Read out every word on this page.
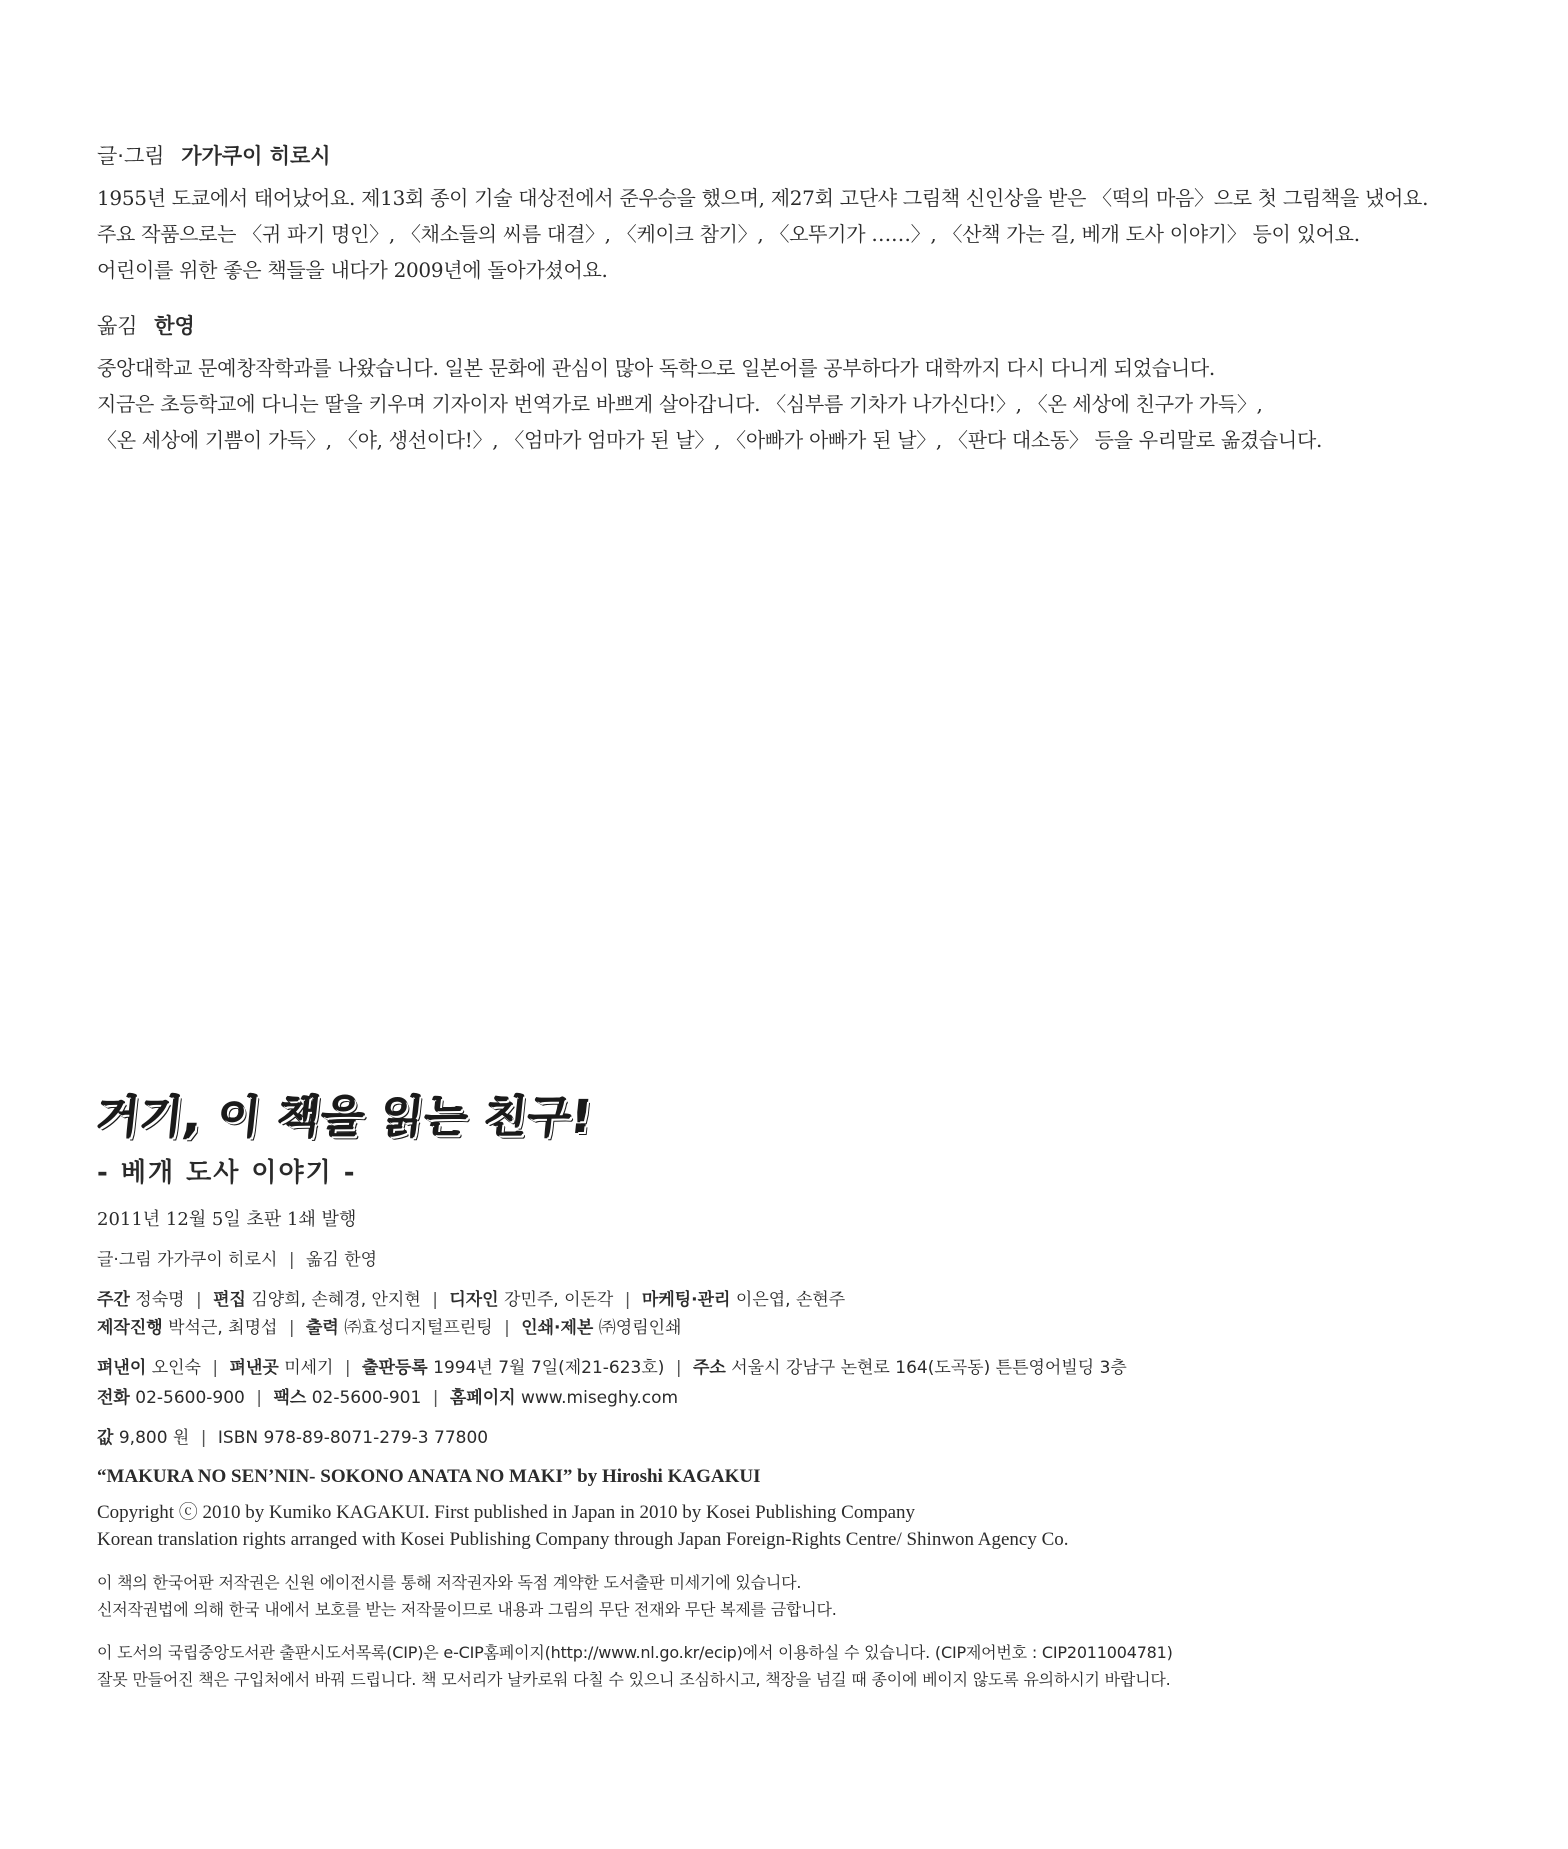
글·그림 가가쿠이 히로시
1955년 도쿄에서 태어났어요. 제13회 종이 기술 대상전에서 준우승을 했으며, 제27회 고단샤 그림책 신인상을 받은 〈떡의 마음〉으로 첫 그림책을 냈어요.
주요 작품으로는 〈귀 파기 명인〉, 〈채소들의 씨름 대결〉, 〈케이크 참기〉, 〈오뚜기가 ……〉, 〈산책 가는 길, 베개 도사 이야기〉 등이 있어요.
어린이를 위한 좋은 책들을 내다가 2009년에 돌아가셨어요.
옮김 한영
중앙대학교 문예창작학과를 나왔습니다. 일본 문화에 관심이 많아 독학으로 일본어를 공부하다가 대학까지 다시 다니게 되었습니다.
지금은 초등학교에 다니는 딸을 키우며 기자이자 번역가로 바쁘게 살아갑니다. 〈심부름 기차가 나가신다!〉, 〈온 세상에 친구가 가득〉,
〈온 세상에 기쁨이 가득〉, 〈야, 생선이다!〉, 〈엄마가 엄마가 된 날〉, 〈아빠가 아빠가 된 날〉, 〈판다 대소동〉 등을 우리말로 옮겼습니다.
거기, 이 책을 읽는 친구!
- 베개 도사 이야기 -

2011년 12월 5일 초판 1쇄 발행

글·그림 가가쿠이 히로시 | 옮김 한영

주간 정숙명 | 편집 김양희, 손혜경, 안지현 | 디자인 강민주, 이돈각 | 마케팅·관리 이은엽, 손현주

제작진행 박석근, 최명섭 | 출력 ㈜효성디지털프린팅 | 인쇄·제본 ㈜영림인쇄

펴낸이 오인숙 | 펴낸곳 미세기 | 출판등록 1994년 7월 7일(제21-623호) | 주소 서울시 강남구 논현로 164(도곡동) 튼튼영어빌딩 3층

전화 02-5600-900 | 팩스 02-5600-901 | 홈페이지 www.miseghy.com

값 9,800 원 | ISBN 978-89-8071-279-3 77800

“MAKURA NO SEN’NIN- SOKONO ANATA NO MAKI” by Hiroshi KAGAKUI
Copyright ⓒ 2010 by Kumiko KAGAKUI. First published in Japan in 2010 by Kosei Publishing Company
Korean translation rights arranged with Kosei Publishing Company through Japan Foreign-Rights Centre/ Shinwon Agency Co.
이 책의 한국어판 저작권은 신원 에이전시를 통해 저작권자와 독점 계약한 도서출판 미세기에 있습니다.
신저작권법에 의해 한국 내에서 보호를 받는 저작물이므로 내용과 그림의 무단 전재와 무단 복제를 금합니다.
이 도서의 국립중앙도서관 출판시도서목록(CIP)은 e-CIP홈페이지(http://www.nl.go.kr/ecip)에서 이용하실 수 있습니다. (CIP제어번호 : CIP2011004781)
잘못 만들어진 책은 구입처에서 바꿔 드립니다. 책 모서리가 날카로워 다칠 수 있으니 조심하시고, 책장을 넘길 때 종이에 베이지 않도록 유의하시기 바랍니다.
